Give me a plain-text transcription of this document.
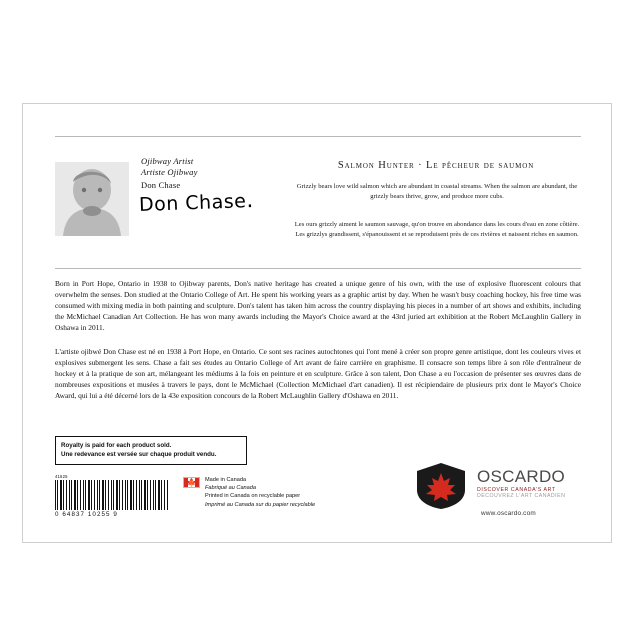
Ojibway Artist
Artiste Ojibway
Don Chase
Don Chase.
Salmon Hunter · Le pêcheur de saumon
Grizzly bears love wild salmon which are abundant in coastal streams. When the salmon are abundant, the grizzly bears thrive, grow, and produce more cubs.
Les ours grizzly aiment le saumon sauvage, qu'on trouve en abondance dans les cours d'eau en zone côtière. Les grizzlys grandissent, s'épanouissent et se reproduisent près de ces rivières et naissent riches en saumon.
Born in Port Hope, Ontario in 1938 to Ojibway parents, Don's native heritage has created a unique genre of his own, with the use of explosive fluorescent colours that overwhelm the senses. Don studied at the Ontario College of Art. He spent his working years as a graphic artist by day. When he wasn't busy coaching hockey, his free time was consumed with mixing media in both painting and sculpture. Don's talent has taken him across the country displaying his pieces in a number of art shows and exhibits, including the McMichael Canadian Art Collection. He has won many awards including the Mayor's Choice award at the 43rd juried art exhibition at the Robert McLaughlin Gallery in Oshawa in 2011.
L'artiste ojibwé Don Chase est né en 1938 à Port Hope, en Ontario. Ce sont ses racines autochtones qui l'ont mené à créer son propre genre artistique, dont les couleurs vives et explosives submergent les sens. Chase a fait ses études au Ontario College of Art avant de faire carrière en graphisme. Il consacre son temps libre à son rôle d'entraîneur de hockey et à la pratique de son art, mélangeant les médiums à la fois en peinture et en sculpture. Grâce à son talent, Don Chase a eu l'occasion de présenter ses œuvres dans de nombreuses expositions et musées à travers le pays, dont le McMichael (Collection McMichael d'art canadien). Il est récipiendaire de plusieurs prix dont le Mayor's Choice Award, qui lui a été décerné lors de la 43e exposition concours de la Robert McLaughlin Gallery d'Oshawa en 2011.
Royalty is paid for each product sold.
Une redevance est versée sur chaque produit vendu.
41625
0 64837 10255 9
🍁 Made in Canada
Fabriqué au Canada
Printed in Canada on recyclable paper
Imprimé au Canada sur du papier recyclable
OSCARDO
DISCOVER CANADA'S ART
DÉCOUVREZ L'ART CANADIEN
www.oscardo.com
